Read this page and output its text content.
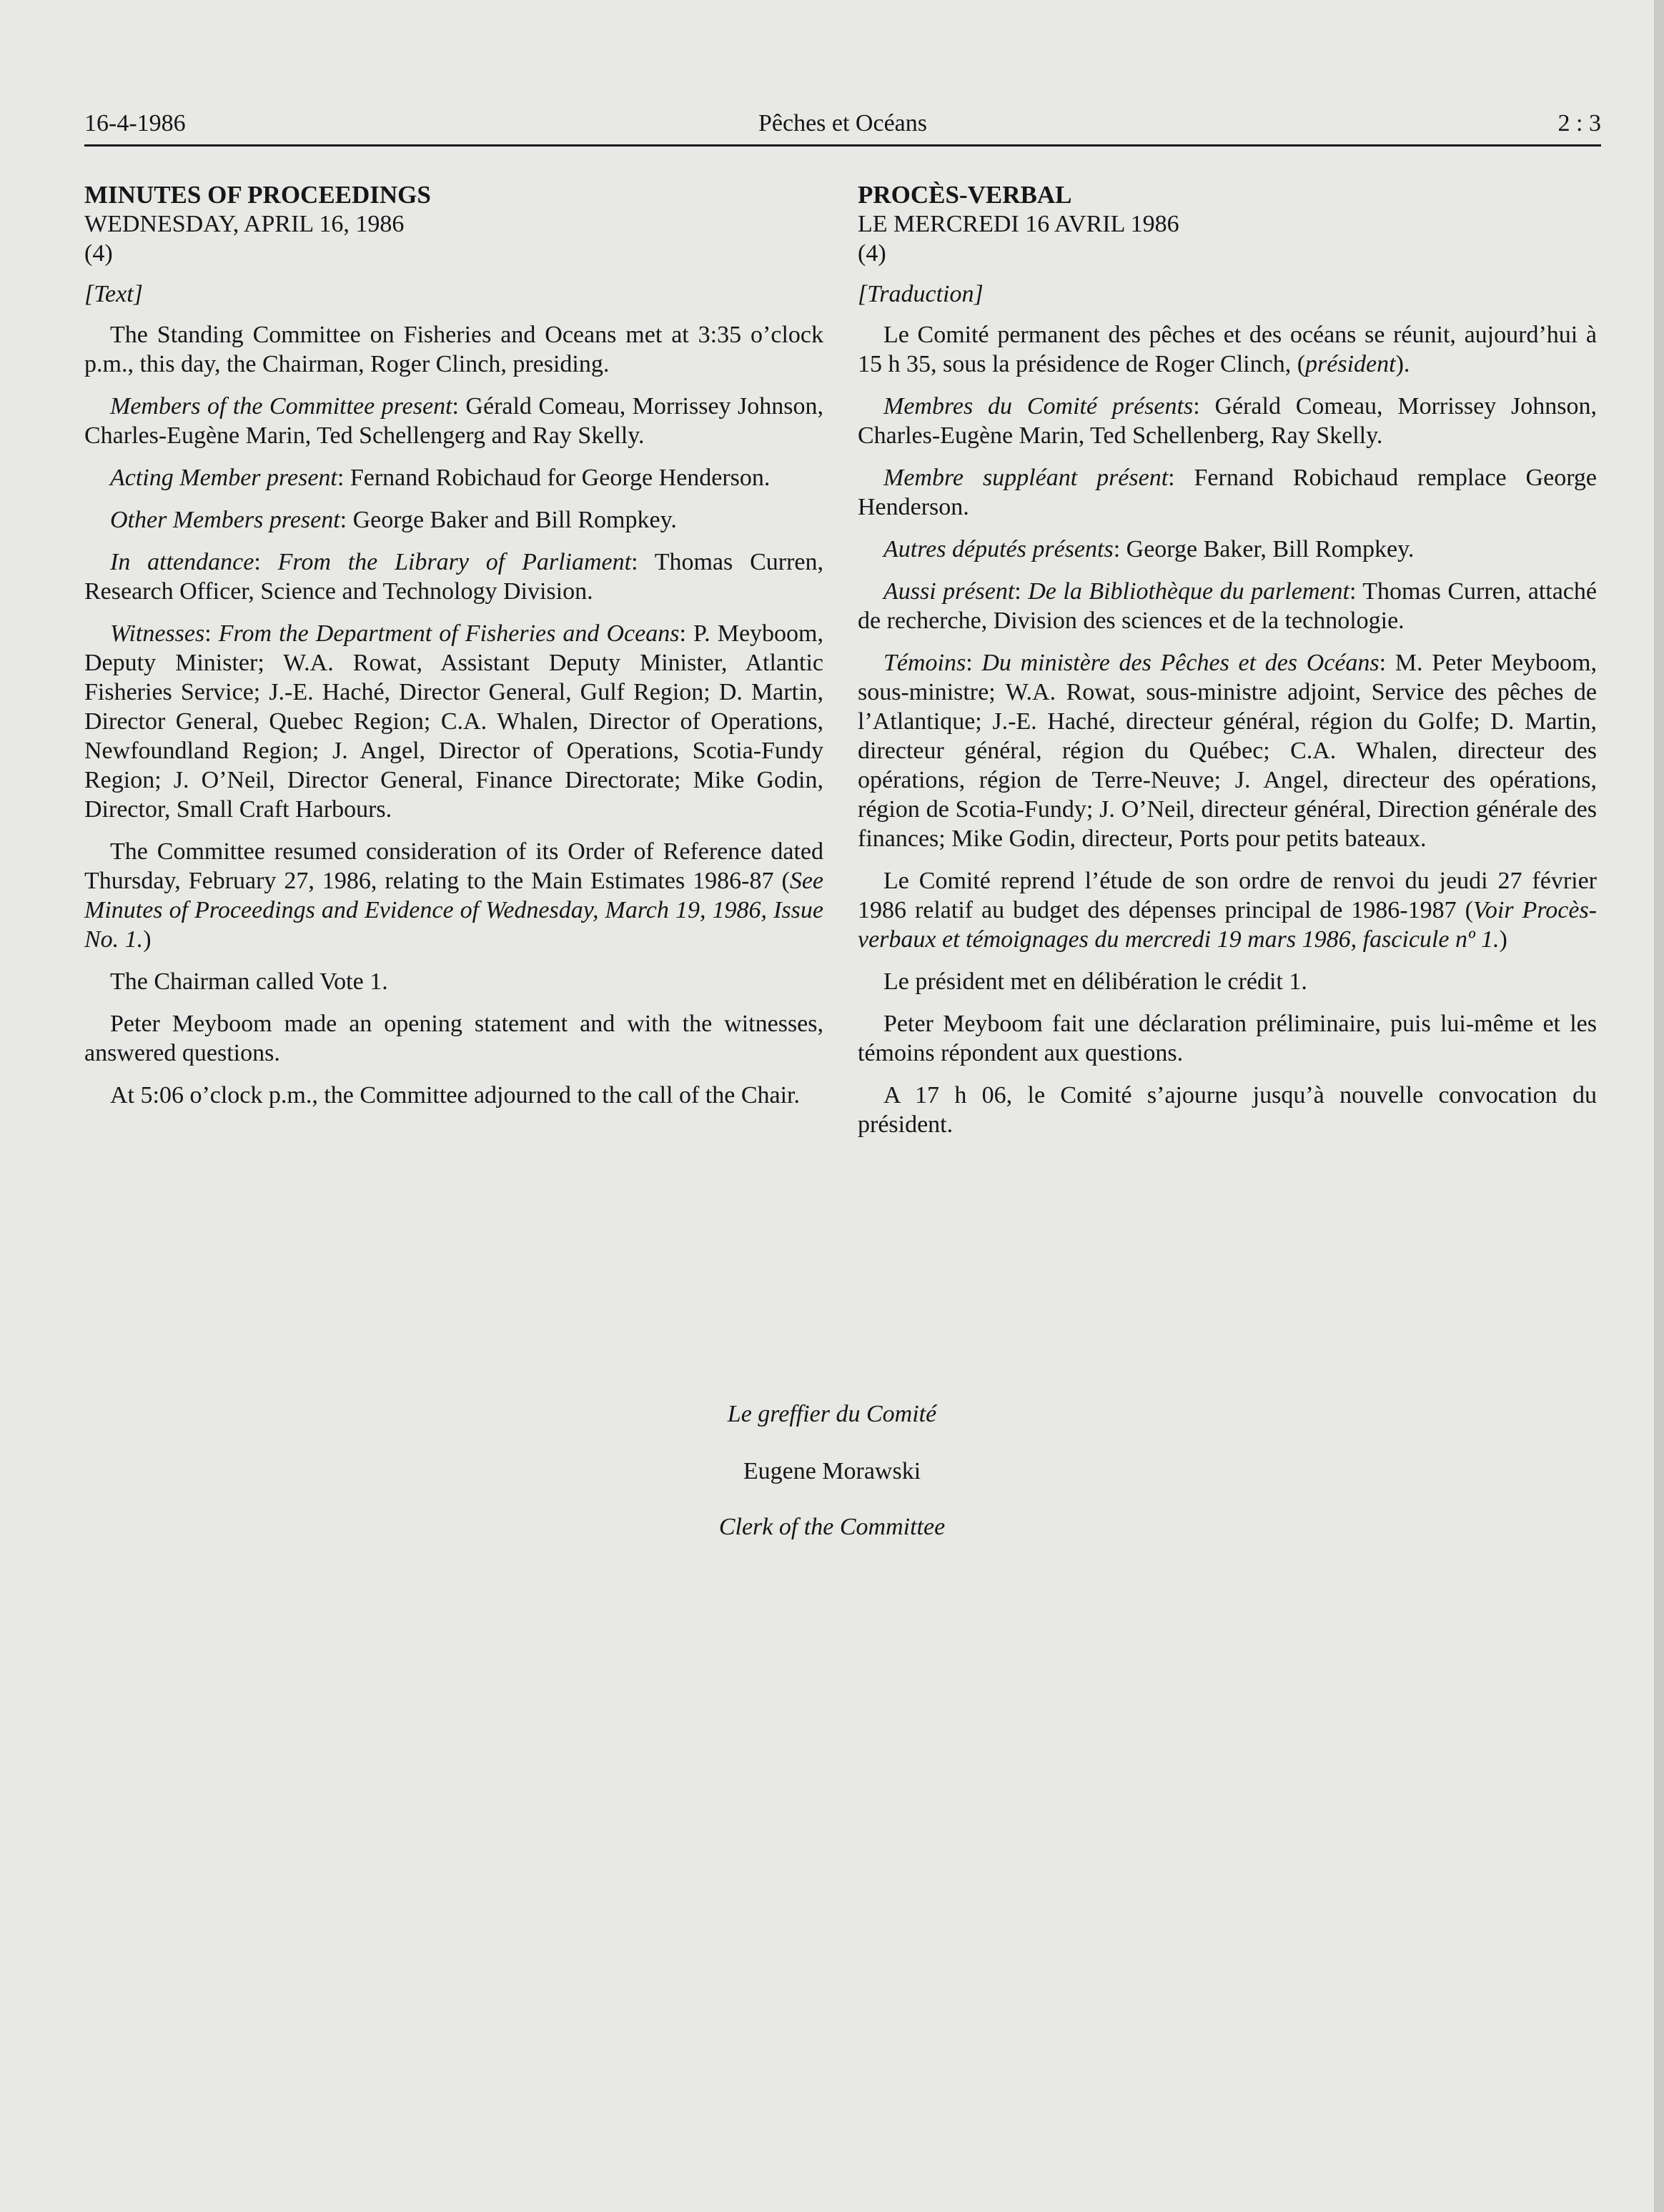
16-4-1986	Pêches et Océans	2 : 3

MINUTES OF PROCEEDINGS

WEDNESDAY, APRIL 16, 1986

(4)

[Text]

The Standing Committee on Fisheries and Oceans met at 3:35 o’clock p.m., this day, the Chairman, Roger Clinch, presiding.

Members of the Committee present: Gérald Comeau, Morrissey Johnson, Charles-Eugène Marin, Ted Schellengerg and Ray Skelly.

Acting Member present: Fernand Robichaud for George Henderson.

Other Members present: George Baker and Bill Rompkey.

In attendance: From the Library of Parliament: Thomas Curren, Research Officer, Science and Technology Division.

Witnesses: From the Department of Fisheries and Oceans: P. Meyboom, Deputy Minister; W.A. Rowat, Assistant Deputy Minister, Atlantic Fisheries Service; J.-E. Haché, Director General, Gulf Region; D. Martin, Director General, Quebec Region; C.A. Whalen, Director of Operations, Newfoundland Region; J. Angel, Director of Operations, Scotia-Fundy Region; J. O’Neil, Director General, Finance Directorate; Mike Godin, Director, Small Craft Harbours.

The Committee resumed consideration of its Order of Reference dated Thursday, February 27, 1986, relating to the Main Estimates 1986-87 (See Minutes of Proceedings and Evidence of Wednesday, March 19, 1986, Issue No. 1.)

The Chairman called Vote 1.

Peter Meyboom made an opening statement and with the witnesses, answered questions.

At 5:06 o’clock p.m., the Committee adjourned to the call of the Chair.

PROCÈS-VERBAL

LE MERCREDI 16 AVRIL 1986

(4)

[Traduction]

Le Comité permanent des pêches et des océans se réunit, aujourd’hui à 15 h 35, sous la présidence de Roger Clinch, (président).

Membres du Comité présents: Gérald Comeau, Morrissey Johnson, Charles-Eugène Marin, Ted Schellenberg, Ray Skelly.

Membre suppléant présent: Fernand Robichaud remplace George Henderson.

Autres députés présents: George Baker, Bill Rompkey.

Aussi présent: De la Bibliothèque du parlement: Thomas Curren, attaché de recherche, Division des sciences et de la technologie.

Témoins: Du ministère des Pêches et des Océans: M. Peter Meyboom, sous-ministre; W.A. Rowat, sous-ministre adjoint, Service des pêches de l’Atlantique; J.-E. Haché, directeur général, région du Golfe; D. Martin, directeur général, région du Québec; C.A. Whalen, directeur des opérations, région de Terre-Neuve; J. Angel, directeur des opérations, région de Scotia-Fundy; J. O’Neil, directeur général, Direction générale des finances; Mike Godin, directeur, Ports pour petits bateaux.

Le Comité reprend l’étude de son ordre de renvoi du jeudi 27 février 1986 relatif au budget des dépenses principal de 1986-1987 (Voir Procès-verbaux et témoignages du mercredi 19 mars 1986, fascicule nº 1.)

Le président met en délibération le crédit 1.

Peter Meyboom fait une déclaration préliminaire, puis lui-même et les témoins répondent aux questions.

A 17 h 06, le Comité s’ajourne jusqu’à nouvelle convocation du président.

Le greffier du Comité
Eugene Morawski
Clerk of the Committee
